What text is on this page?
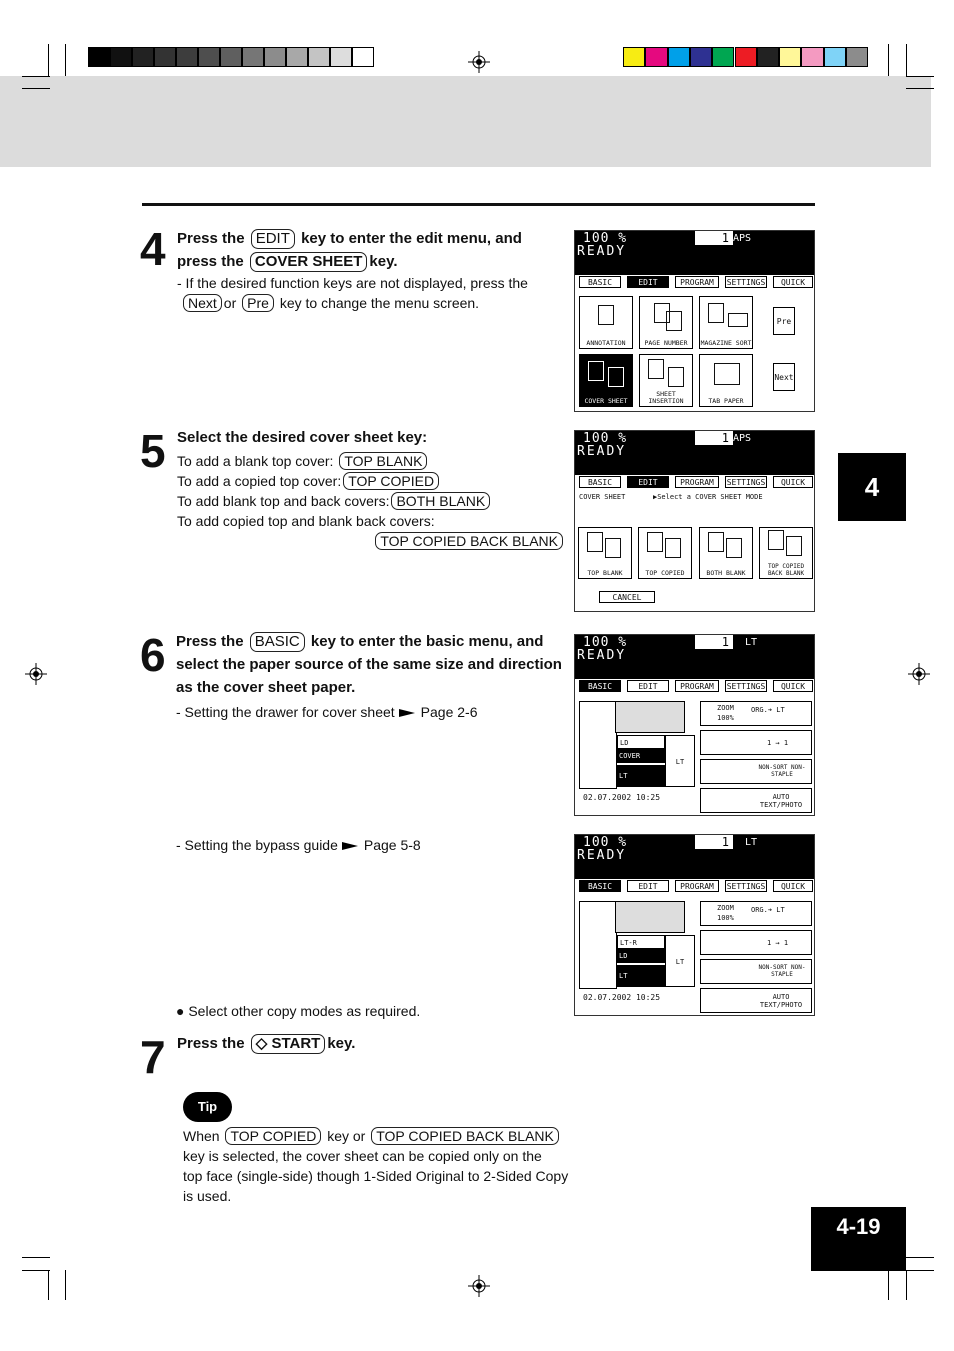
4 Press the EDIT key to enter the edit menu, and
press the COVER SHEET key.
- If the desired function keys are not displayed, press the
Next or Pre key to change the menu screen.
100 %	1 APS
READY
BASIC	EDIT	PROGRAM	SETTINGS	QUICK
ANNOTATION	PAGE NUMBER	MAGAZINE SORT
Pre
COVER SHEET
SHEET INSERTION	TAB PAPER
Next
5 Select the desired cover sheet key:
To add a blank top cover: TOP BLANK
To add a copied top cover: TOP COPIED
To add blank top and back covers: BOTH BLANK
To add copied top and blank back covers:
TOP COPIED BACK BLANK
100 %	1 APS
READY
BASIC	EDIT	PROGRAM	SETTINGS	QUICK
COVER SHEET	▶Select a COVER SHEET MODE
TOP BLANK	TOP COPIED	BOTH BLANK
TOP COPIED BACK BLANK
CANCEL
6 Press the BASIC key to enter the basic menu, and
select the paper source of the same size and direction
as the cover sheet paper.
- Setting the drawer for cover sheet Page 2-6
- Setting the bypass guide Page 5-8
● Select other copy modes as required.
100 %	1	LT
READY
BASIC	EDIT	PROGRAM	SETTINGS	QUICK
LD
COVER
LT
LT
02.07.2002 10:25
ZOOM
100%
ORG.➔ LT
1 → 1
NON-SORT NON-STAPLE
AUTO TEXT/PHOTO
100 %	1	LT
READY
BASIC	EDIT	PROGRAM	SETTINGS	QUICK
LT-R
LD
LT
LT
02.07.2002 10:25
ZOOM
100%
ORG.➔ LT
1 → 1
NON-SORT NON-STAPLE
AUTO TEXT/PHOTO
7 Press the ◇ START key.
Tip
When TOP COPIED key or TOP COPIED BACK BLANK
key is selected, the cover sheet can be copied only on the
top face (single-side) though 1-Sided Original to 2-Sided Copy
is used.
4
4-19
